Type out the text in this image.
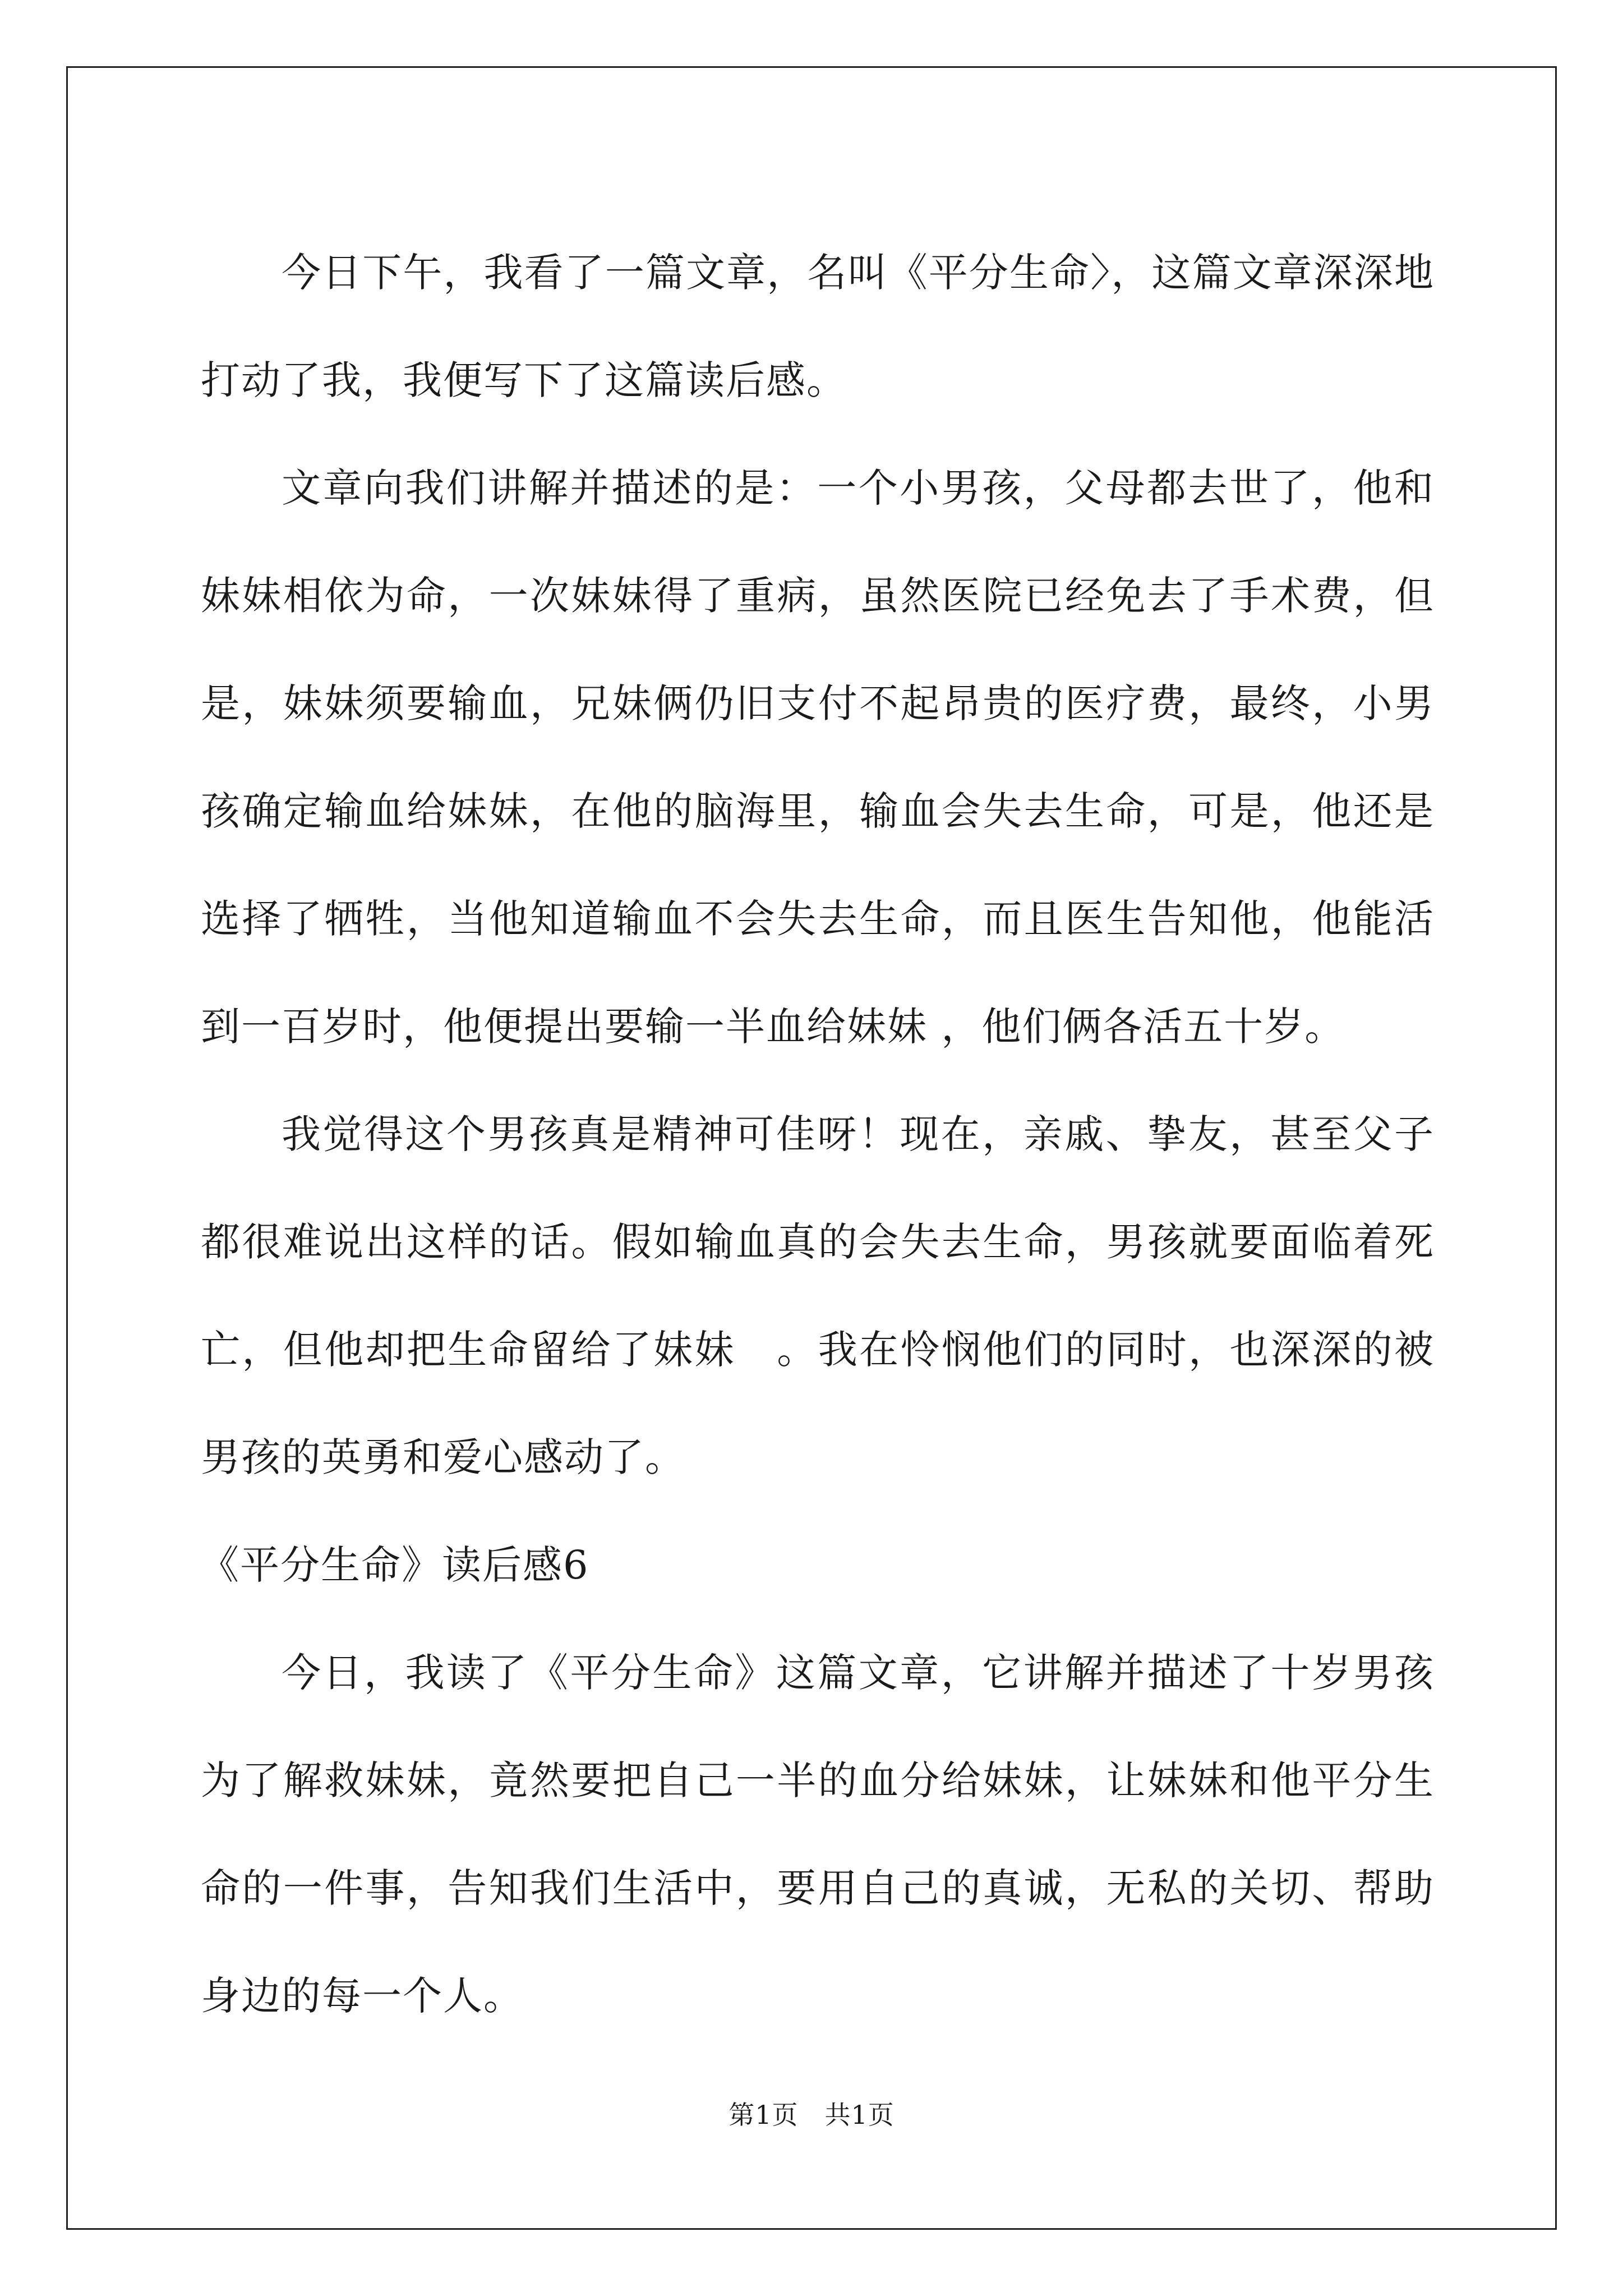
今日下午，我看了一篇文章，名叫《平分生命〉，这篇文章深深地打动了我，我便写下了这篇读后感。

文章向我们讲解并描述的是：一个小男孩，父母都去世了，他和妹妹相依为命，一次妹妹得了重病，虽然医院已经免去了手术费，但是，妹妹须要输血，兄妹俩仍旧支付不起昂贵的医疗费，最终，小男孩确定输血给妹妹，在他的脑海里，输血会失去生命，可是，他还是选择了牺牲，当他知道输血不会失去生命，而且医生告知他，他能活到一百岁时，他便提出要输一半血给妹妹 ，他们俩各活五十岁。

我觉得这个男孩真是精神可佳呀！现在，亲戚、挚友，甚至父子都很难说出这样的话。假如输血真的会失去生命，男孩就要面临着死亡，但他却把生命留给了妹妹　。我在怜悯他们的同时，也深深的被男孩的英勇和爱心感动了。

《平分生命》读后感6

今日，我读了《平分生命》这篇文章，它讲解并描述了十岁男孩为了解救妹妹，竟然要把自己一半的血分给妹妹，让妹妹和他平分生命的一件事，告知我们生活中，要用自己的真诚，无私的关切、帮助身边的每一个人。

第1页　共1页
